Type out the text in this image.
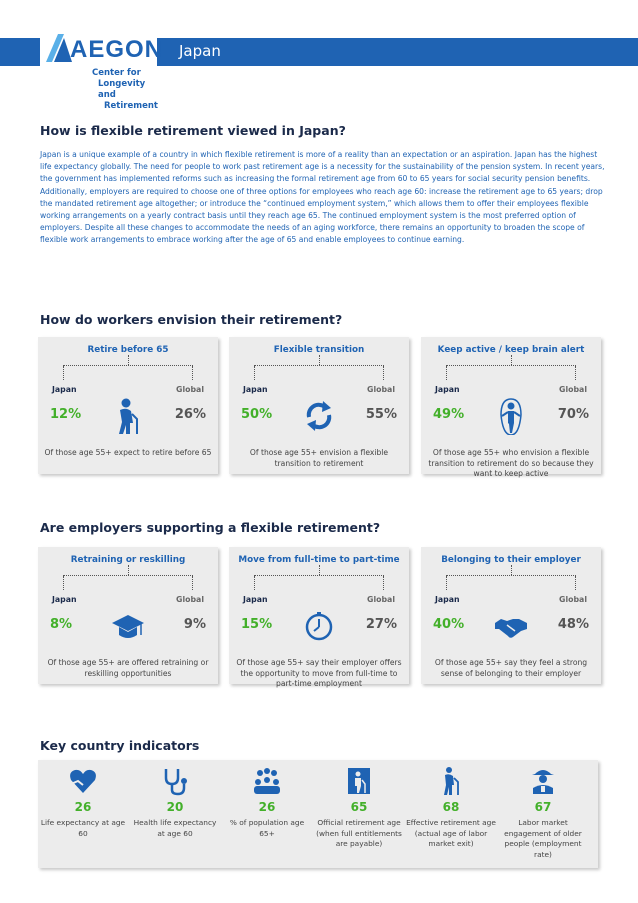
Japan
AEGON
Center for
Longevity and
Retirement
How is flexible retirement viewed in Japan?
Japan is a unique example of a country in which flexible retirement is more of a reality than an expectation or an aspiration. Japan has the highest life expectancy globally. The need for people to work past retirement age is a necessity for the sustainability of the pension system. In recent years, the government has implemented reforms such as increasing the formal retirement age from 60 to 65 years for social security pension benefits. Additionally, employers are required to choose one of three options for employees who reach age 60: increase the retirement age to 65 years; drop the mandated retirement age altogether; or introduce the “continued employment system,” which allows them to offer their employees flexible working arrangements on a yearly contract basis until they reach age 65. The continued employment system is the most preferred option of employers. Despite all these changes to accommodate the needs of an aging workforce, there remains an opportunity to broaden the scope of flexible work arrangements to embrace working after the age of 65 and enable employees to continue earning.
How do workers envision their retirement?
Retire before 65
Japan	Global
12%	26%
Of those age 55+ expect to retire before 65
Flexible transition
Japan	Global
50%	55%
Of those age 55+ envision a flexible transition to retirement
Keep active / keep brain alert
Japan	Global
49%	70%
Of those age 55+ who envision a flexible transition to retirement do so because they want to keep active
Are employers supporting a flexible retirement?
Retraining or reskilling
Japan	Global
8%	9%
Of those age 55+ are offered retraining or reskilling opportunities
Move from full-time to part-time
Japan	Global
15%	27%
Of those age 55+ say their employer offers the opportunity to move from full-time to part-time employment
Belonging to their employer
Japan	Global
40%	48%
Of those age 55+ say they feel a strong sense of belonging to their employer
Key country indicators
26
Life expectancy at age 60
20
Health life expectancy at age 60
26
% of population age 65+
65
Official retirement age (when full entitlements are payable)
68
Effective retirement age (actual age of labor market exit)
67
Labor market engagement of older people (employment rate)
